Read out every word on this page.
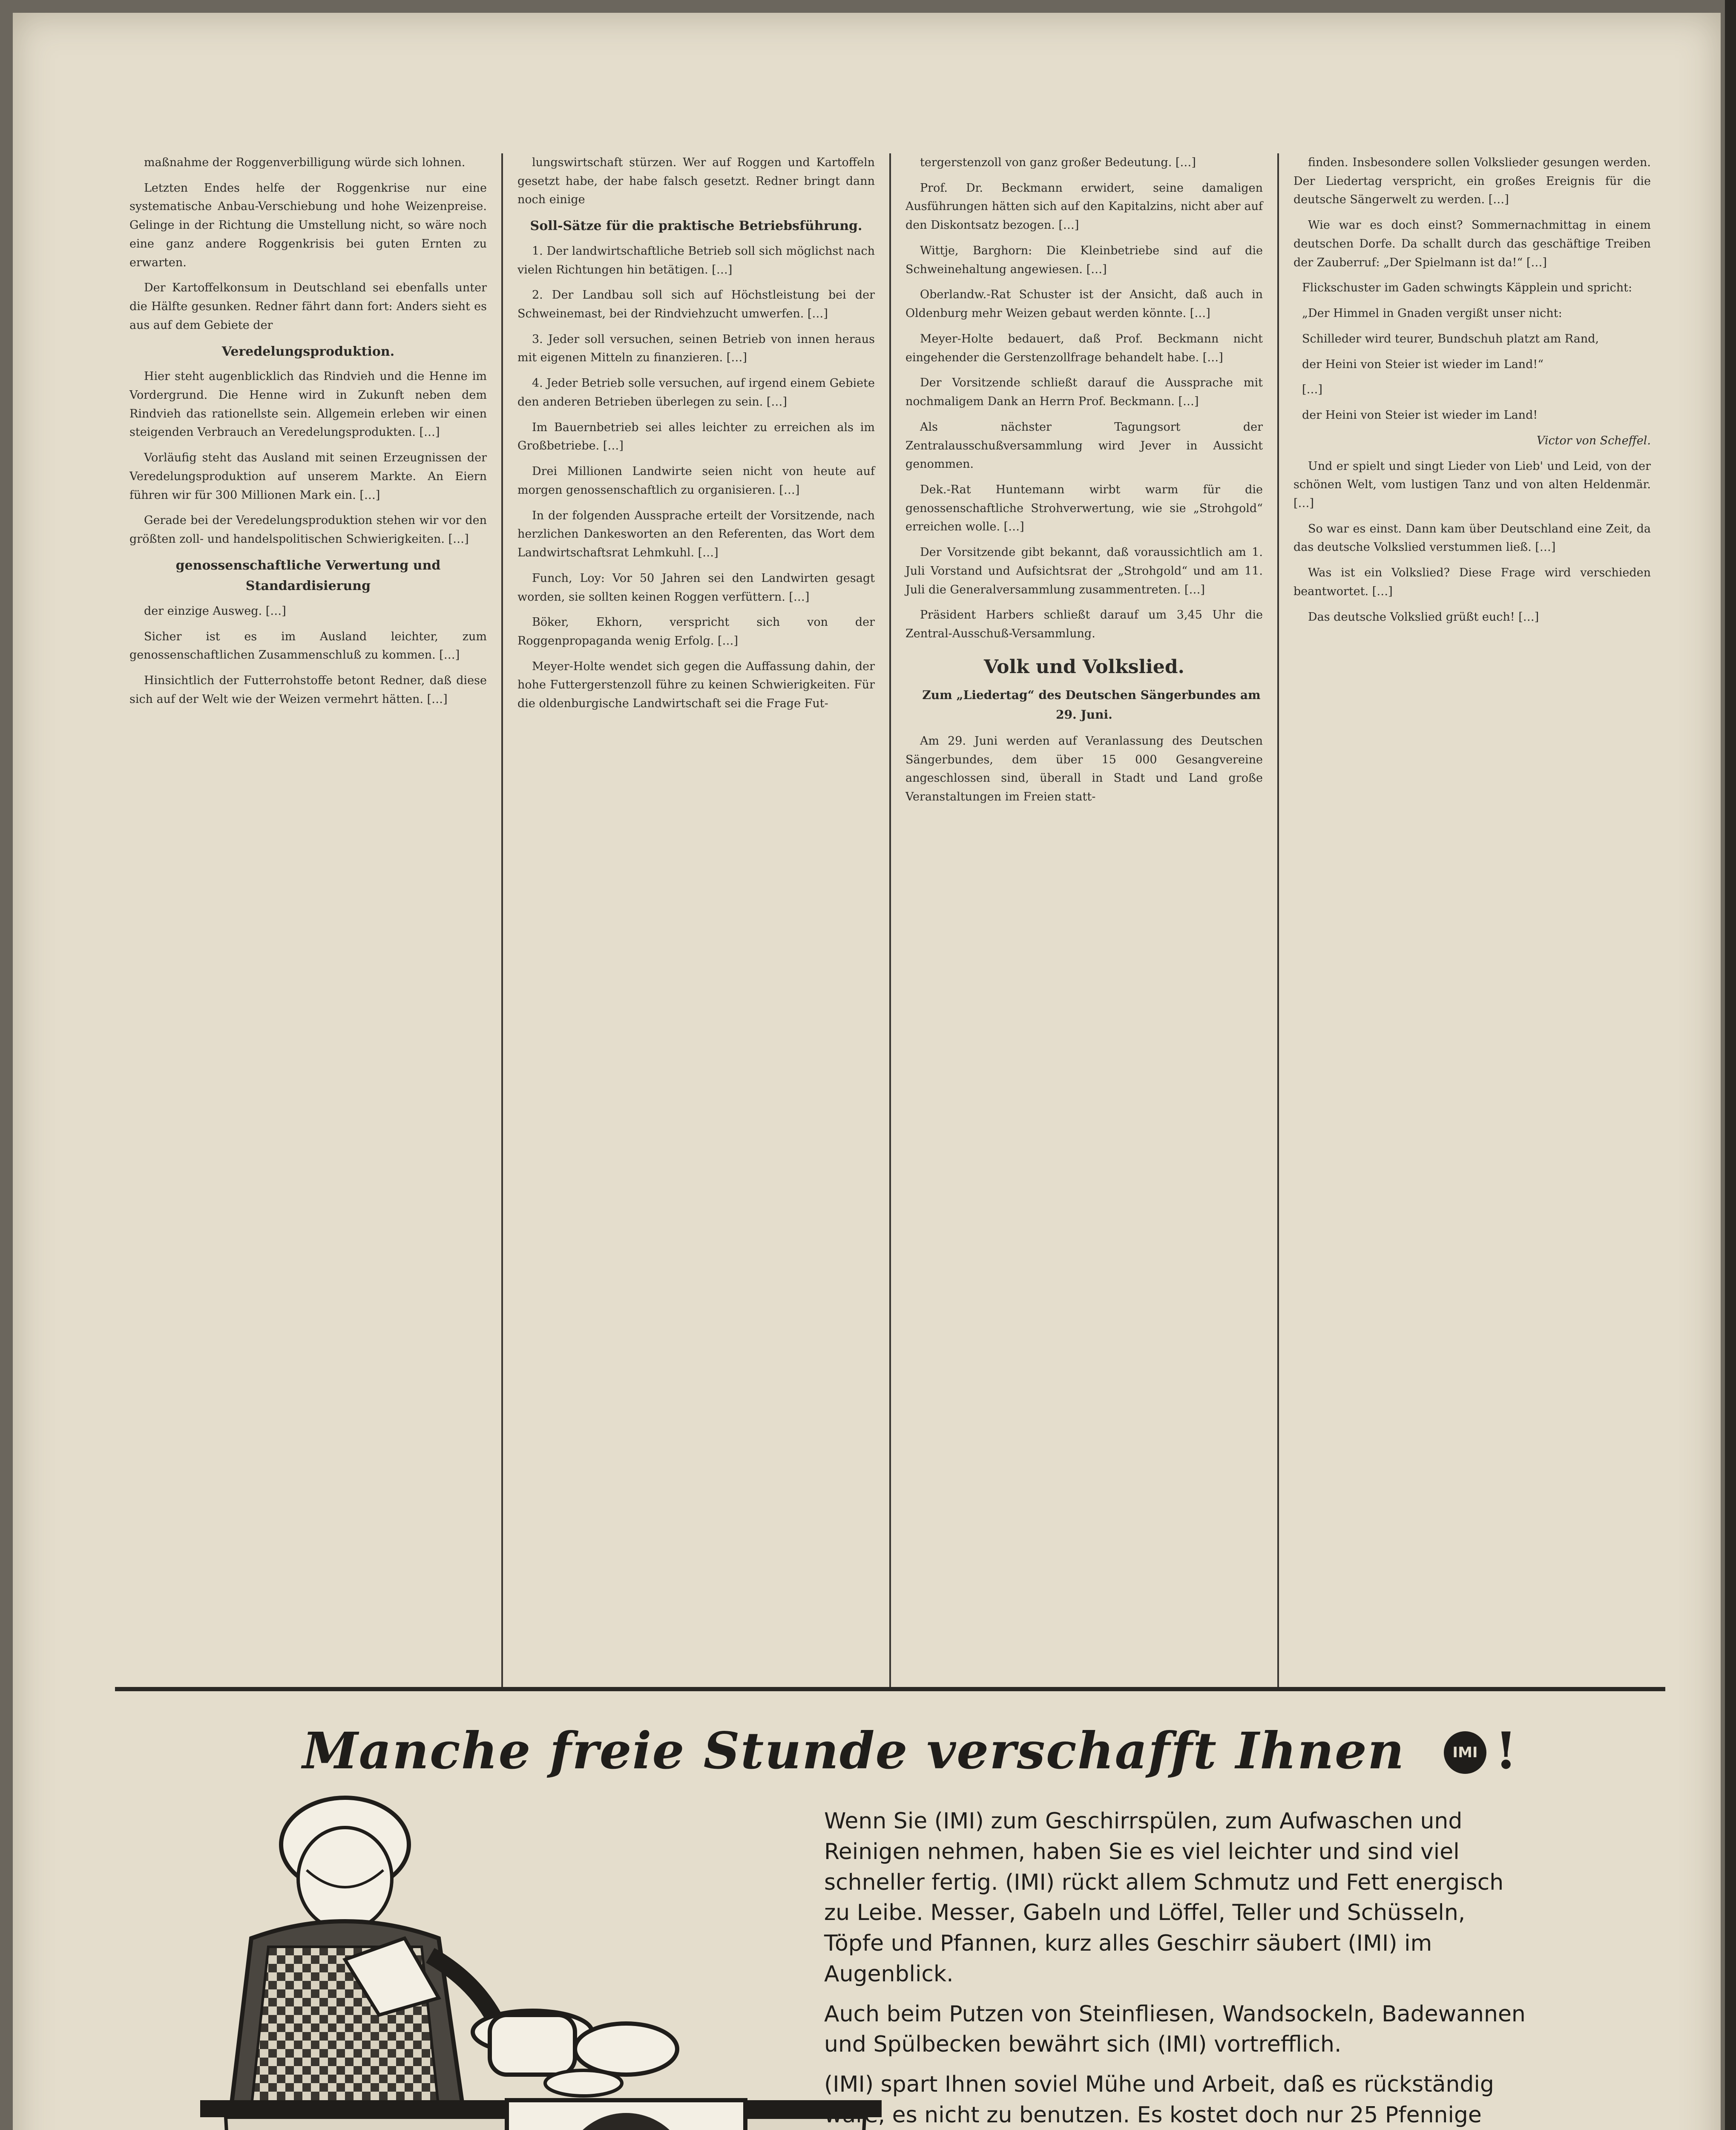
maßnahme der Roggenverbilligung würde sich lohnen.

Letzten Endes helfe der Roggenkrise nur eine systematische Anbau-Verschiebung und hohe Weizenpreise. Gelinge in der Richtung die Umstellung nicht, so wäre noch eine ganz andere Roggenkrisis bei guten Ernten zu erwarten.

Der Kartoffelkonsum in Deutschland sei ebenfalls unter die Hälfte gesunken. Redner fährt dann fort: Anders sieht es aus auf dem Gebiete der

Veredelungsproduktion.

Hier steht augenblicklich das Rindvieh und die Henne im Vordergrund. Die Henne wird in Zukunft neben dem Rindvieh das rationellste sein. Allgemein erleben wir einen steigenden Verbrauch an Veredelungsprodukten. […]

Vorläufig steht das Ausland mit seinen Erzeugnissen der Veredelungsproduktion auf unserem Markte. An Eiern führen wir für 300 Millionen Mark ein. […]

Gerade bei der Veredelungsproduktion stehen wir vor den größten zoll- und handelspolitischen Schwierigkeiten. […]

genossenschaftliche Verwertung und Standardisierung

der einzige Ausweg. […]

Sicher ist es im Ausland leichter, zum genossenschaftlichen Zusammenschluß zu kommen. […]

Hinsichtlich der Futterrohstoffe betont Redner, daß diese sich auf der Welt wie der Weizen vermehrt hätten. […]

lungswirtschaft stürzen. Wer auf Roggen und Kartoffeln gesetzt habe, der habe falsch gesetzt. Redner bringt dann noch einige

Soll-Sätze für die praktische Betriebsführung.

1. Der landwirtschaftliche Betrieb soll sich möglichst nach vielen Richtungen hin betätigen. […]

2. Der Landbau soll sich auf Höchstleistung bei der Schweinemast, bei der Rindviehzucht umwerfen. […]

3. Jeder soll versuchen, seinen Betrieb von innen heraus mit eigenen Mitteln zu finanzieren. […]

4. Jeder Betrieb solle versuchen, auf irgend einem Gebiete den anderen Betrieben überlegen zu sein. […]

Im Bauernbetrieb sei alles leichter zu erreichen als im Großbetriebe. […]

Drei Millionen Landwirte seien nicht von heute auf morgen genossenschaftlich zu organisieren. […]

In der folgenden Aussprache erteilt der Vorsitzende, nach herzlichen Dankesworten an den Referenten, das Wort dem Landwirtschaftsrat Lehmkuhl. […]

Funch, Loy: Vor 50 Jahren sei den Landwirten gesagt worden, sie sollten keinen Roggen verfüttern. […]

Böker, Ekhorn, verspricht sich von der Roggenpropaganda wenig Erfolg. […]

Meyer-Holte wendet sich gegen die Auffassung dahin, der hohe Futtergerstenzoll führe zu keinen Schwierigkeiten. Für die oldenburgische Landwirtschaft sei die Frage Fut-

tergerstenzoll von ganz großer Bedeutung. […]

Prof. Dr. Beckmann erwidert, seine damaligen Ausführungen hätten sich auf den Kapitalzins, nicht aber auf den Diskontsatz bezogen. […]

Wittje, Barghorn: Die Kleinbetriebe sind auf die Schweinehaltung angewiesen. […]

Oberlandw.-Rat Schuster ist der Ansicht, daß auch in Oldenburg mehr Weizen gebaut werden könnte. […]

Meyer-Holte bedauert, daß Prof. Beckmann nicht eingehender die Gerstenzollfrage behandelt habe. […]

Der Vorsitzende schließt darauf die Aussprache mit nochmaligem Dank an Herrn Prof. Beckmann. […]

Als nächster Tagungsort der Zentralausschußversammlung wird Jever in Aussicht genommen.

Dek.-Rat Huntemann wirbt warm für die genossenschaftliche Strohverwertung, wie sie „Strohgold“ erreichen wolle. […]

Der Vorsitzende gibt bekannt, daß voraussichtlich am 1. Juli Vorstand und Aufsichtsrat der „Strohgold“ und am 11. Juli die Generalversammlung zusammentreten. […]

Präsident Harbers schließt darauf um 3,45 Uhr die Zentral-Ausschuß-Versammlung.

Volk und Volkslied.

Zum „Liedertag“ des Deutschen Sängerbundes am 29. Juni.

Am 29. Juni werden auf Veranlassung des Deutschen Sängerbundes, dem über 15 000 Gesangvereine angeschlossen sind, überall in Stadt und Land große Veranstaltungen im Freien statt-

finden. Insbesondere sollen Volkslieder gesungen werden. Der Liedertag verspricht, ein großes Ereignis für die deutsche Sängerwelt zu werden. […]

Wie war es doch einst? Sommernachmittag in einem deutschen Dorfe. Da schallt durch das geschäftige Treiben der Zauberruf: „Der Spielmann ist da!“ […]

Flickschuster im Gaden schwingts Käpplein und spricht:

„Der Himmel in Gnaden vergißt unser nicht:

Schilleder wird teurer, Bundschuh platzt am Rand,

der Heini von Steier ist wieder im Land!“

[…]

der Heini von Steier ist wieder im Land!

Victor von Scheffel.

Und er spielt und singt Lieder von Lieb' und Leid, von der schönen Welt, vom lustigen Tanz und von alten Heldenmär. […]

So war es einst. Dann kam über Deutschland eine Zeit, da das deutsche Volkslied verstummen ließ. […]

Was ist ein Volkslied? Diese Frage wird verschieden beantwortet. […]

Das deutsche Volkslied grüßt euch! […]

Manche freie Stunde verschafft Ihnen	IMI !

Wenn Sie (IMI) zum Geschirrspülen, zum Aufwaschen und Reinigen nehmen, haben Sie es viel leichter und sind viel schneller fertig. (IMI) rückt allem Schmutz und Fett energisch zu Leibe. Messer, Gabeln und Löffel, Teller und Schüsseln, Töpfe und Pfannen, kurz alles Geschirr säubert (IMI) im Augenblick.

Auch beim Putzen von Steinfliesen, Wandsockeln, Badewannen und Spülbecken bewährt sich (IMI) vortrefflich.

(IMI) spart Ihnen soviel Mühe und Arbeit, daß es rückständig wäre, es nicht zu benutzen. Es kostet doch nur 25 Pfennige
